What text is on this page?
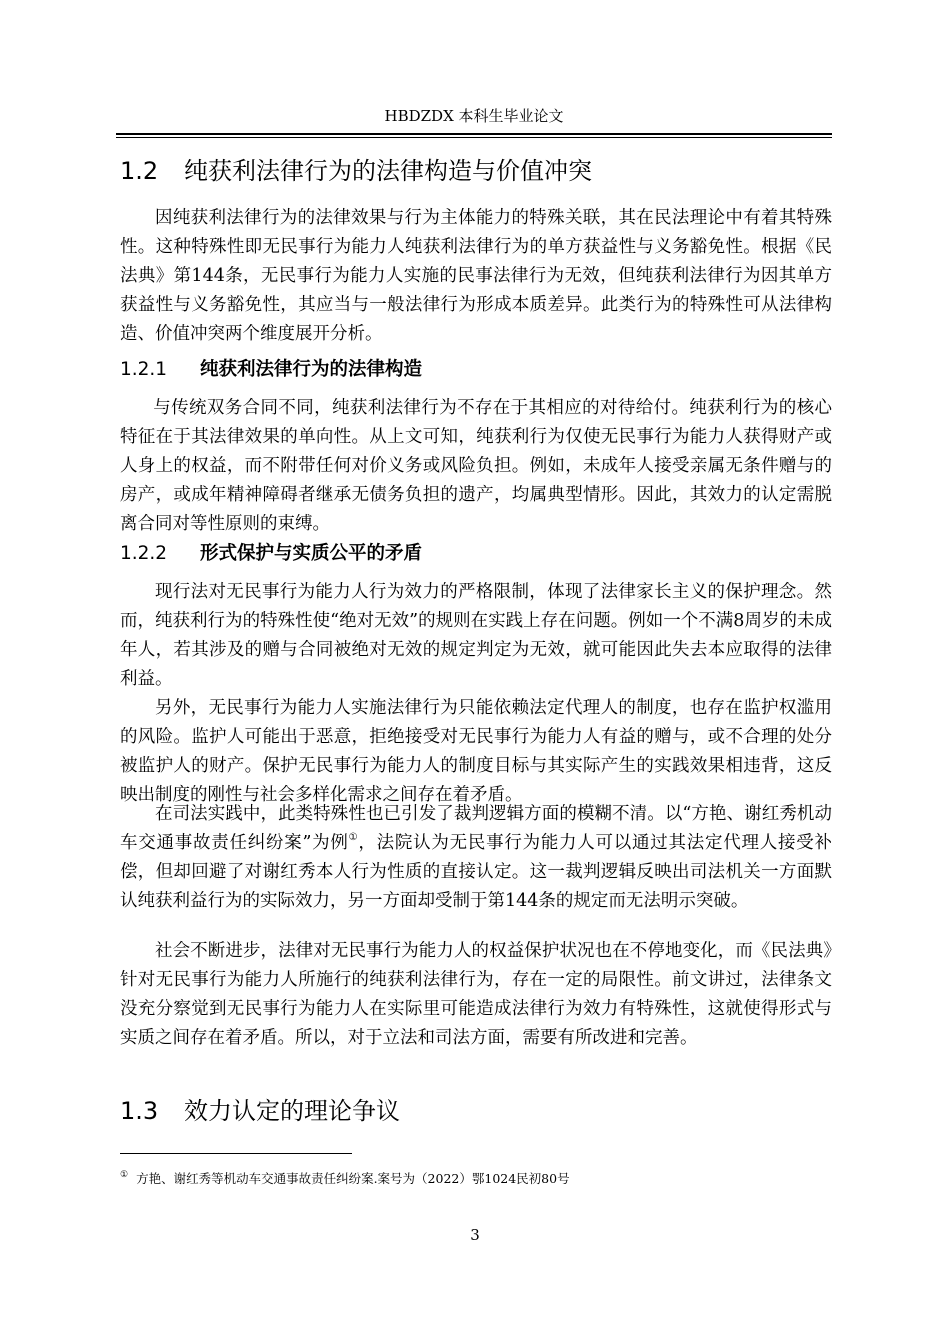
HBDZDX 本科生毕业论文
1.2 纯获利法律行为的法律构造与价值冲突

因纯获利法律行为的法律效果与行为主体能力的特殊关联，其在民法理论中有着其特殊性。这种特殊性即无民事行为能力人纯获利法律行为的单方获益性与义务豁免性。根据《民法典》第144条，无民事行为能力人实施的民事法律行为无效，但纯获利法律行为因其单方获益性与义务豁免性，其应当与一般法律行为形成本质差异。此类行为的特殊性可从法律构造、价值冲突两个维度展开分析。

1.2.1 纯获利法律行为的法律构造

与传统双务合同不同，纯获利法律行为不存在于其相应的对待给付。纯获利行为的核心特征在于其法律效果的单向性。从上文可知，纯获利行为仅使无民事行为能力人获得财产或人身上的权益，而不附带任何对价义务或风险负担。例如，未成年人接受亲属无条件赠与的房产，或成年精神障碍者继承无债务负担的遗产，均属典型情形。因此，其效力的认定需脱离合同对等性原则的束缚。

1.2.2 形式保护与实质公平的矛盾

现行法对无民事行为能力人行为效力的严格限制，体现了法律家长主义的保护理念。然而，纯获利行为的特殊性使“绝对无效”的规则在实践上存在问题。例如一个不满8周岁的未成年人，若其涉及的赠与合同被绝对无效的规定判定为无效，就可能因此失去本应取得的法律利益。

另外，无民事行为能力人实施法律行为只能依赖法定代理人的制度，也存在监护权滥用的风险。监护人可能出于恶意，拒绝接受对无民事行为能力人有益的赠与，或不合理的处分被监护人的财产。保护无民事行为能力人的制度目标与其实际产生的实践效果相违背，这反映出制度的刚性与社会多样化需求之间存在着矛盾。

在司法实践中，此类特殊性也已引发了裁判逻辑方面的模糊不清。以“方艳、谢红秀机动车交通事故责任纠纷案”为例①，法院认为无民事行为能力人可以通过其法定代理人接受补偿，但却回避了对谢红秀本人行为性质的直接认定。这一裁判逻辑反映出司法机关一方面默认纯获利益行为的实际效力，另一方面却受制于第144条的规定而无法明示突破。

社会不断进步，法律对无民事行为能力人的权益保护状况也在不停地变化，而《民法典》针对无民事行为能力人所施行的纯获利法律行为，存在一定的局限性。前文讲过，法律条文没充分察觉到无民事行为能力人在实际里可能造成法律行为效力有特殊性，这就使得形式与实质之间存在着矛盾。所以，对于立法和司法方面，需要有所改进和完善。

1.3 效力认定的理论争议
① 方艳、谢红秀等机动车交通事故责任纠纷案.案号为（2022）鄂1024民初80号
3
